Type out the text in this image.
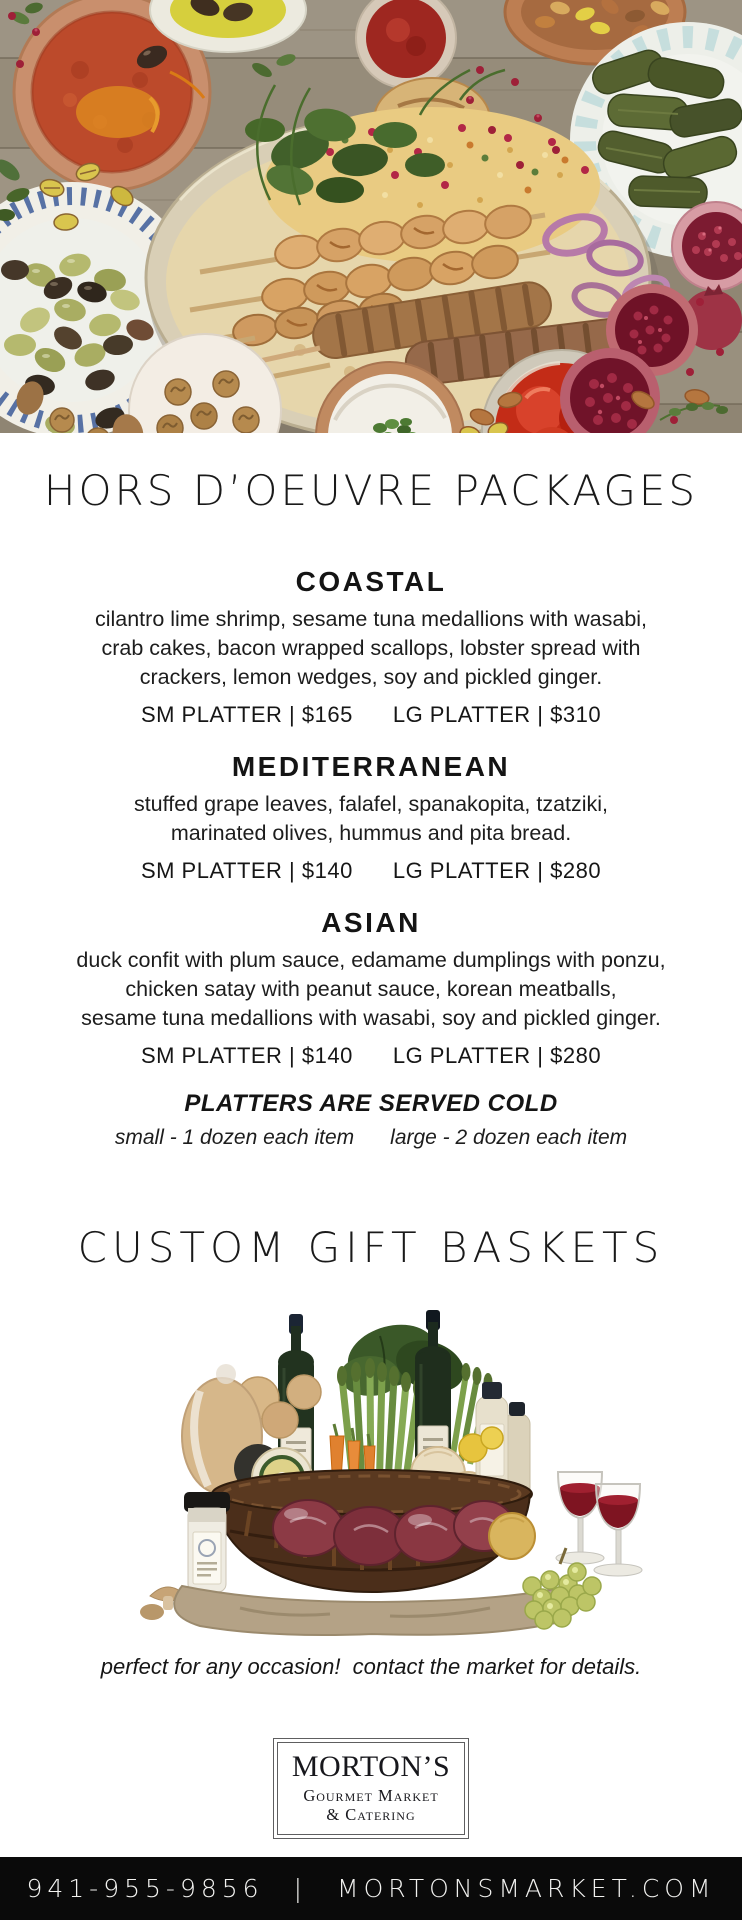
HORS D’OEUVRE PACKAGES
COASTAL
cilantro lime shrimp, sesame tuna medallions with wasabi,
crab cakes, bacon wrapped scallops, lobster spread with
crackers, lemon wedges, soy and pickled ginger.
SM PLATTER | $165 LG PLATTER | $310
MEDITERRANEAN
stuffed grape leaves, falafel, spanakopita, tzatziki,
marinated olives, hummus and pita bread.
SM PLATTER | $140 LG PLATTER | $280
ASIAN
duck confit with plum sauce, edamame dumplings with ponzu,
chicken satay with peanut sauce, korean meatballs,
sesame tuna medallions with wasabi, soy and pickled ginger.
SM PLATTER | $140 LG PLATTER | $280
PLATTERS ARE SERVED COLD
small - 1 dozen each item large - 2 dozen each item
CUSTOM GIFT BASKETS
perfect for any occasion!  contact the market for details.
MORTON’S
Gourmet Market
& Catering
941-955-9856 | MORTONSMARKET.COM
